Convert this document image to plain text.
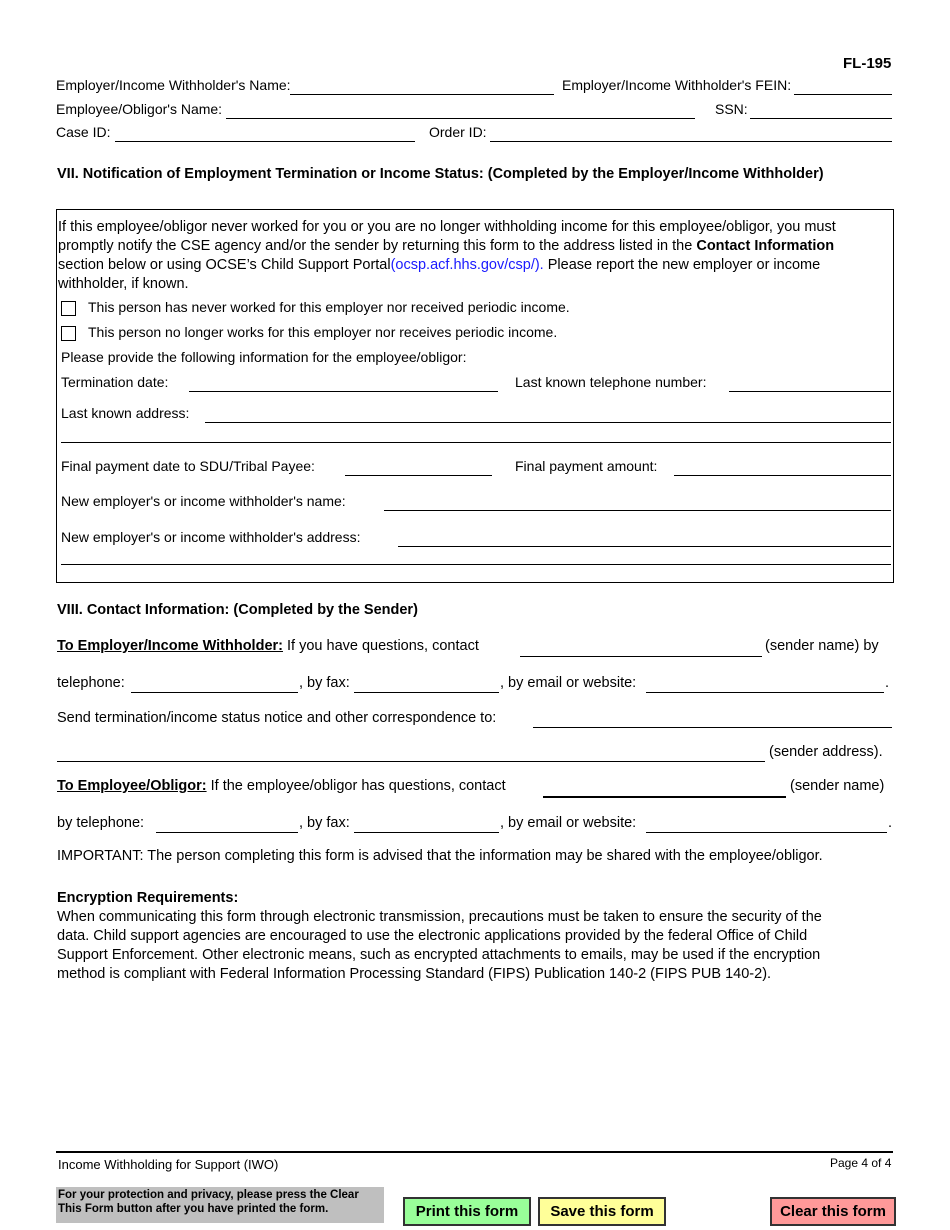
FL-195
Employer/Income Withholder's Name:	Employer/Income Withholder's FEIN:
Employee/Obligor's Name:	SSN:
Case ID:	Order ID:
VII. Notification of Employment Termination or Income Status: (Completed by the Employer/Income Withholder)
If this employee/obligor never worked for you or you are no longer withholding income for this employee/obligor, you must
promptly notify the CSE agency and/or the sender by returning this form to the address listed in the Contact Information
section below or using OCSE’s Child Support Portal(ocsp.acf.hhs.gov/csp/). Please report the new employer or income
withholder, if known.
This person has never worked for this employer nor received periodic income.
This person no longer works for this employer nor receives periodic income.
Please provide the following information for the employee/obligor:
Termination date:	Last known telephone number:
Last known address:
Final payment date to SDU/Tribal Payee:	Final payment amount:
New employer's or income withholder's name:
New employer's or income withholder's address:
VIII. Contact Information: (Completed by the Sender)
To Employer/Income Withholder: If you have questions, contact	(sender name) by
telephone:	, by fax:	, by email or website:	.
Send termination/income status notice and other correspondence to:
(sender address).
To Employee/Obligor: If the employee/obligor has questions, contact	(sender name)
by telephone:	, by fax:	, by email or website:	.
IMPORTANT: The person completing this form is advised that the information may be shared with the employee/obligor.
Encryption Requirements:
When communicating this form through electronic transmission, precautions must be taken to ensure the security of the
data. Child support agencies are encouraged to use the electronic applications provided by the federal Office of Child
Support Enforcement. Other electronic means, such as encrypted attachments to emails, may be used if the encryption
method is compliant with Federal Information Processing Standard (FIPS) Publication 140-2 (FIPS PUB 140-2).
Income Withholding for Support (IWO)	Page 4 of 4
For your protection and privacy, please press the Clear
This Form button after you have printed the form.	Print this form	Save this form	Clear this form
